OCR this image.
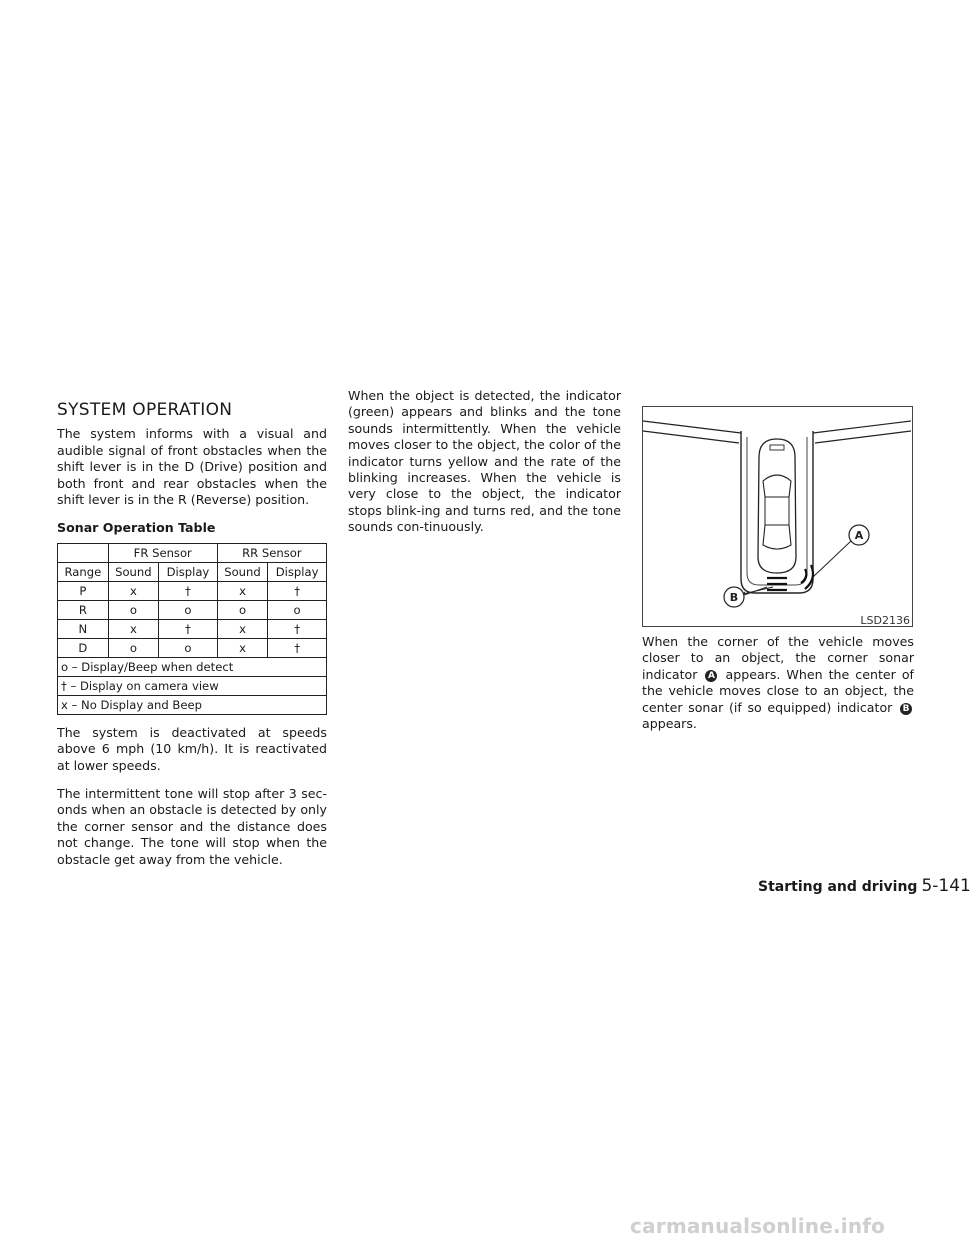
SYSTEM OPERATION

The system informs with a visual and audible signal of front obstacles when the shift lever is in the D (Drive) position and both front and rear obstacles when the shift lever is in the R (Reverse) position.

Sonar Operation Table
	FR Sensor		RR Sensor	
Range	Sound	Display	Sound	Display
P	x	†	x	†
R	o	o	o	o
N	x	†	x	†
D	o	o	x	†
o – Display/Beep when detect				
† – Display on camera view				
x – No Display and Beep				

The system is deactivated at speeds above 6 mph (10 km/h). It is reactivated at lower speeds.

The intermittent tone will stop after 3 sec-onds when an obstacle is detected by only the corner sensor and the distance does not change. The tone will stop when the obstacle get away from the vehicle.

When the object is detected, the indicator (green) appears and blinks and the tone sounds intermittently. When the vehicle moves closer to the object, the color of the indicator turns yellow and the rate of the blinking increases. When the vehicle is very close to the object, the indicator stops blink-ing and turns red, and the tone sounds con-tinuously.

A
B
LSD2136

When the corner of the vehicle moves closer to an object, the corner sonar indicator A appears. When the center of the vehicle moves close to an object, the center sonar (if so equipped) indicator B appears.

Starting and driving 5-141
carmanualsonline.info
